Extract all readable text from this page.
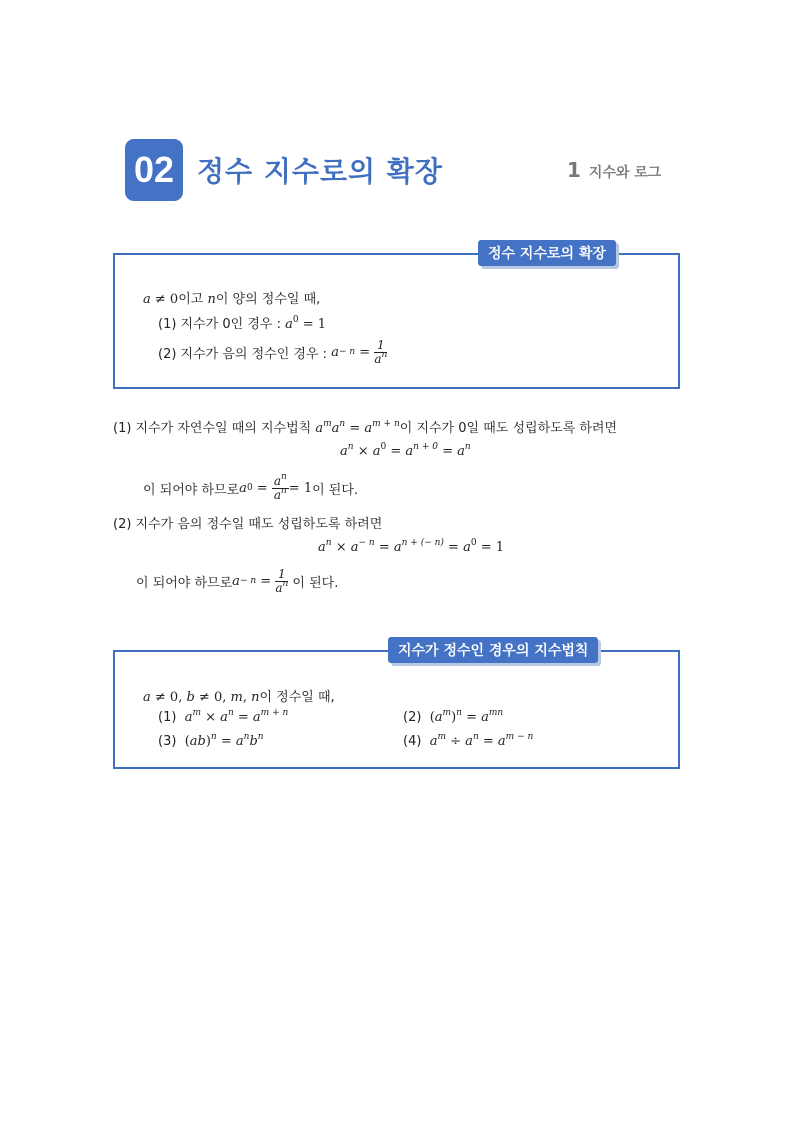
02 정수 지수로의 확장	1 지수와 로그
정수 지수로의 확장
a ≠ 0이고 n이 양의 정수일 때,
(1) 지수가 0인 경우 : $a^0 = 1$
(2) 지수가 음의 정수인 경우 :
a − n =
$\frac{1}{a^n}$
(1) 지수가 자연수일 때의 지수법칙 $a^ma^n = a^{m + n}$이 지수가 0일 때도 성립하도록 하려면
$a^n \times a^0 = a^{n + 0} = a^n$
이 되어야 하므로 a 0 =
$\frac{a^n}{a^n} = 1$ 이 된다.
(2) 지수가 음의 정수일 때도 성립하도록 하려면
$a^n \times a^{- n} = a^{n + (- n)} = a^0 = 1$
이 되어야 하므로 a − n =
$\frac{1}{a^n}$
이 된다.
지수가 정수인 경우의 지수법칙
a ≠ 0, b ≠ 0, m, n이 정수일 때,
(1) $a^m \times a^n = a^{m + n}$	(2) $(a^m)^n = a^{mn}$
(3) $(ab)^n = a^nb^n$	(4) $a^m \div a^n = a^{m - n}$
